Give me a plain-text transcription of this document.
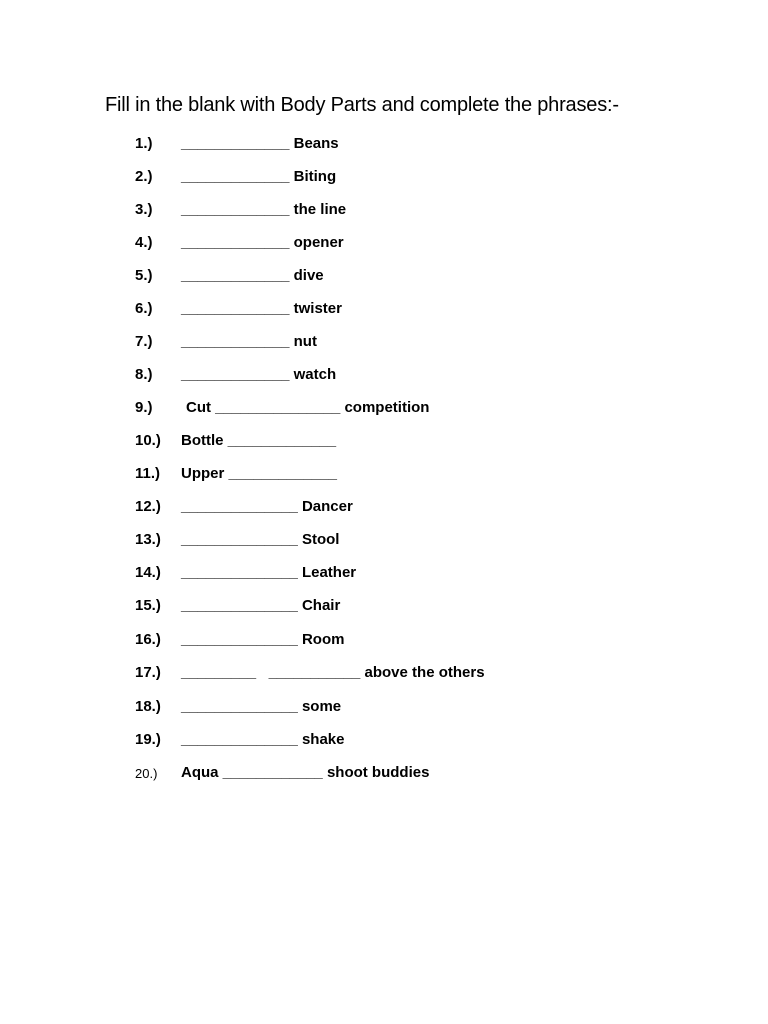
Fill in the blank with Body Parts and complete the phrases:-
1.) _____________ Beans
2.) _____________ Biting
3.) _____________ the line
4.) _____________ opener
5.) _____________ dive
6.) _____________ twister
7.) _____________ nut
8.) _____________ watch
9.) Cut _______________ competition
10.) Bottle _____________
11.) Upper _____________
12.) ______________ Dancer
13.) ______________ Stool
14.) ______________ Leather
15.) ______________ Chair
16.) ______________ Room
17.) _________   ___________ above the others
18.) ______________ some
19.) ______________ shake
20.) Aqua ____________ shoot buddies
